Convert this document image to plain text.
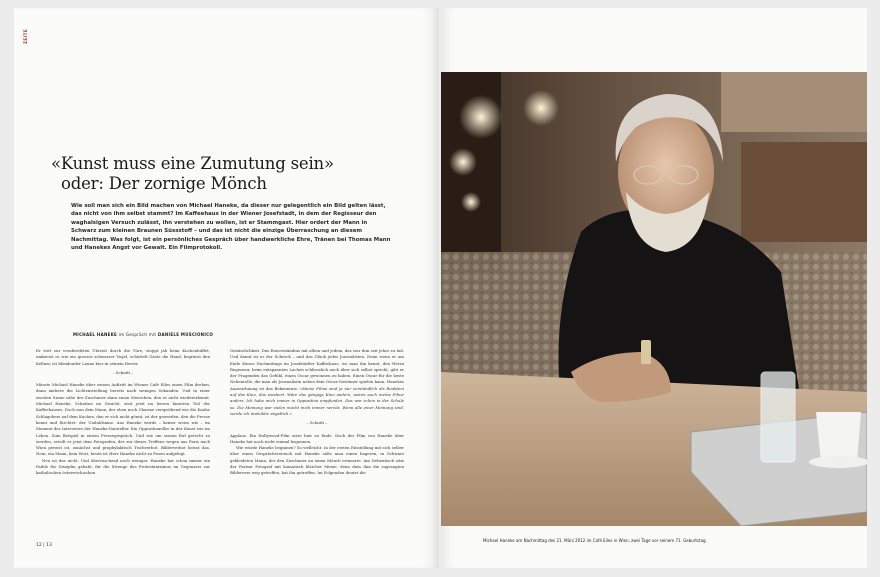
ZEITE
«Kunst muss eine Zumutung sein»
oder: Der zornige Mönch
Wie soll man sich ein Bild machen von Michael Haneke, da dieser nur gelegentlich ein Bild gelten lässt, das nicht von ihm selbst stammt? Im Kaffeehaus in der Wiener Josefstadt, in dem der Regisseur den waghalsigen Versuch zulässt, ihn verstehen zu wollen, ist er Stammgast. Hier ordert der Mann in Schwarz zum kleinen Braunen Süssstoff – und das ist nicht die einzige Überraschung an diesem Nachmittag. Was folgt, ist ein persönliches Gespräch über handwerkliche Ehre, Tränen bei Thomas Mann und Hanekes Angst vor Gewalt. Ein Filmprotokoll.
MICHAEL HANEKE im Gespräch mit DANIELE MUSCIONICO

Er tritt zur verabredeten Uhrzeit durch die Türe, stoppt jäh beim Kuchenbüffet, umkreist es wie ein grosser schwarzer Vogel, schüttelt Gäste die Hand, begrüsst den Kellner, ist blendender Laune hier in seinem Revier.

– Schnitt –

Müsste Michael Haneke über seinen Auftritt im Wiener Café Eiles einen Film drehen, dann änderte die Lichteinstellung bereits nach wenigen Sekunden. Und in einer zweiten Szene sähe der Zuschauer dann einen Menschen, den er nicht wiedererkennt. Michael Haneke, Schatten im Gesicht, sitzt jetzt im leeren hinteren Teil der Kaffeehauses. Doch nun dem Mann, der eben noch Charme versprühend wie die Kaube Schlagobers auf dem Kuchen, den er sich nicht gönnt, ist der geworden, den die Presse kennt und fürchtet: der Unduldsame. Aus Haneke wurde – keiner weiss wie – im Moment des Interviews der Haneke-Darsteller. Ein Oppositioneller in der Kunst wie im Leben. Zum Beispiel in einem Pressegespräch. Und wie um seinen Ruf gerecht zu werden, erteilt er jetzt dem Fotografen, der zur dieses Treffens wegen aus Paris nach Wien gereist ist, zunächst und prophylaktisch Tischverbot. Bilderverbot heisst das. Nein, ein Mann, kein Wort, heute ist Herr Haneke nicht zu Posen aufgelegt.

Neu ist das nicht. Und überraschend noch weniger. Haneke hat schon immer ein Faible für Disziplin gehabt, für die Strenge des Protestantismus im Gegensatz zur katholischen österreichischen

Genüsslichkeit. Das Einverständnis mit allem und jedem, das war ihm seit jeher zu fad. Und damit ist er der Schreck – und das Glück jedes Journalisten. Denn wenn er am Ende dieses Nachmittags im Josefstädter Kaffeehaus, wo man ihn kennt, den Herrn Regisseur, beim entspannten Lachen schliesslich auch über sich selbst spricht, gibt er der Fragenden das Gefühl, einen Oscar gewonnen zu haben. Einen Oscar für die beste Nebenrolle, die man als Journalistin neben dem Oscar-Gewinner spielen kann. Hanekes Auszeichnung ist das Bekenntnis: «Meine Filme sind ja nur verständlich als Reaktion auf das Kino, das existiert. Wäre das gängige Kino anders, wären auch meine Filme anders. Ich habe mich immer in Opposition empfunden. Das war schon in der Schule so. Die Meinung war vielen macht mich immer nervös. Wenn alle einer Meinung sind, werde ich instinktiv ängstlich.»

– Schnitt –

Applaus. Ein Hollywood-Film wäre hier zu Ende. Doch der Film von Haneke über Haneke hat noch nicht einmal begonnen.

Wie würde Haneke beginnen? So vielleicht: In der ersten Einstellung mit sich selber über einen Gesprächsversuch mit Haneke säße man einen hageren, in Schwarz gekleideten Mann, der den Zuschauer an einen Mönch erinnerte. Am Nebentisch sitzt der Pariser Fotograf mit kamatisch bleicher Miene, denn dass ihm die zugesagten Bildervers weg getroffen, hat ihn getroffen. Im Folgenden deutet die

12 | 13
Michael Haneke am Nachmittag des 21. März 2012 im Café Eiles in Wien, zwei Tage vor seinem 71. Geburtstag.
